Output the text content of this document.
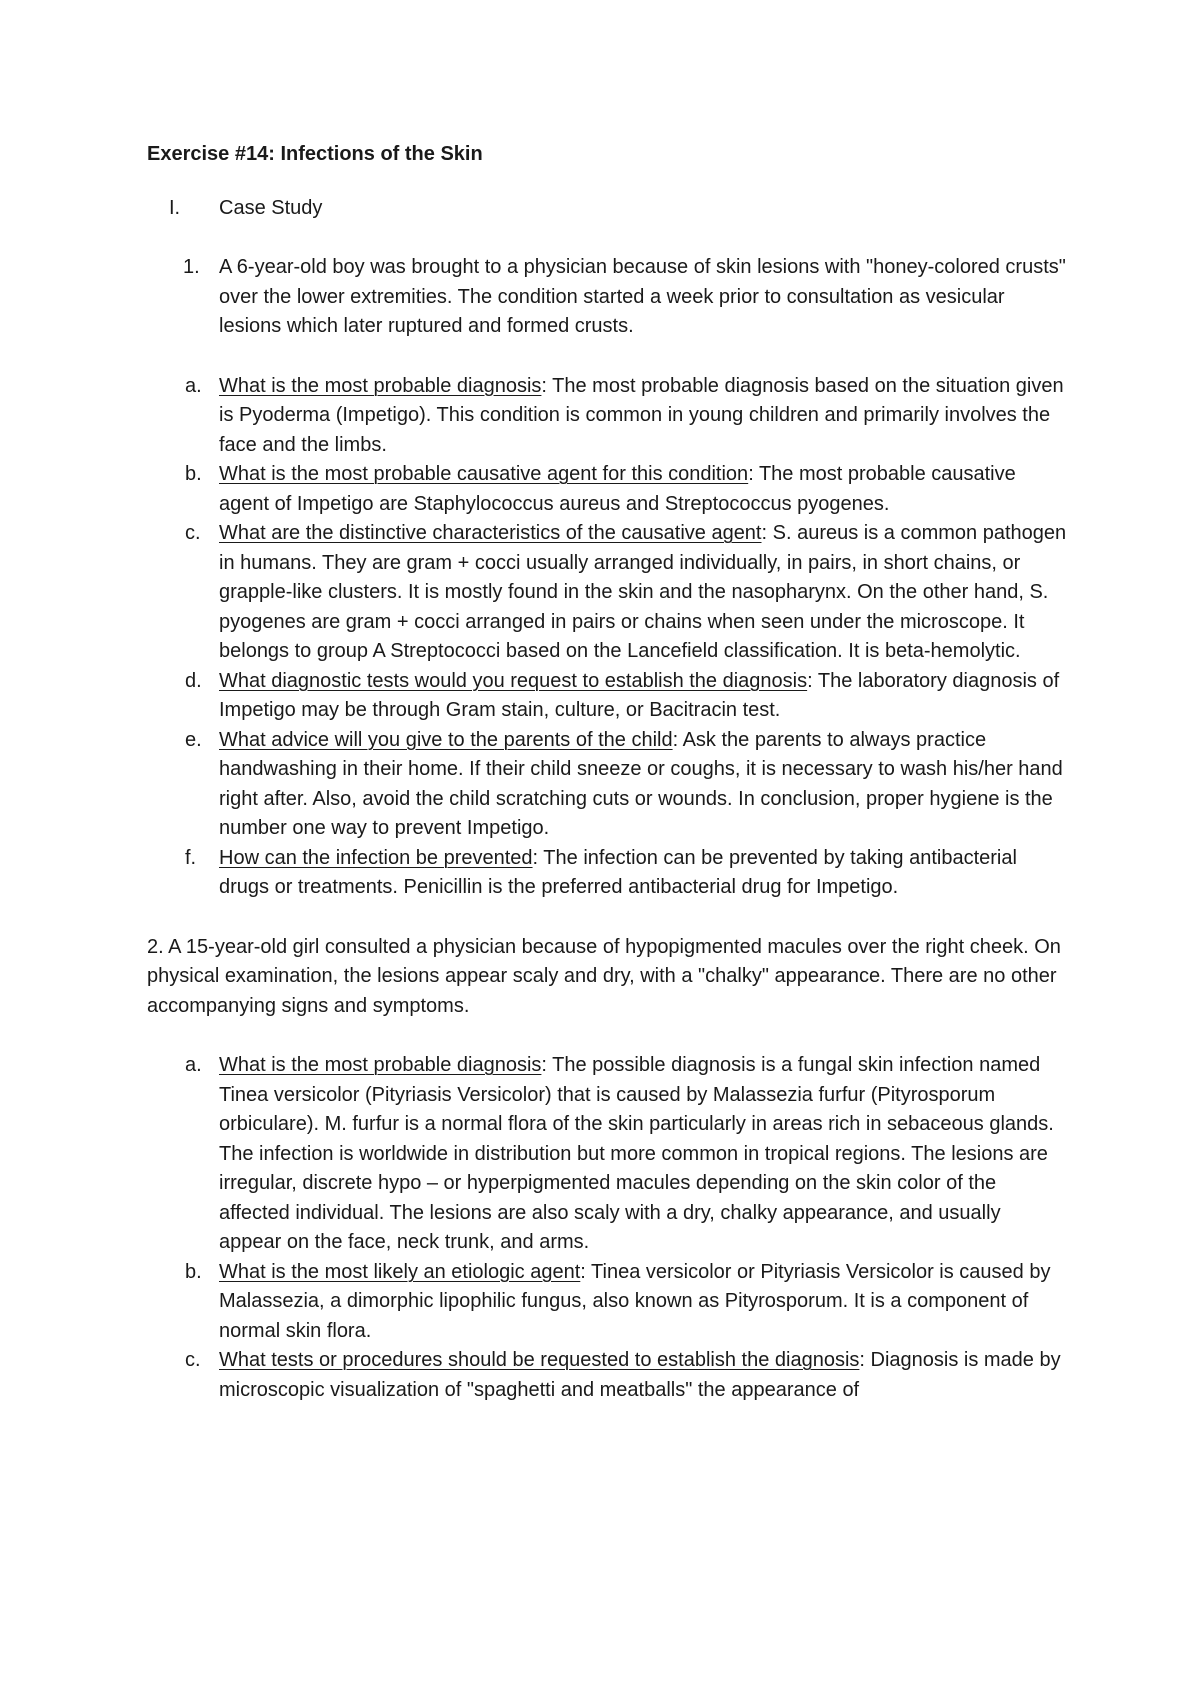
Exercise #14: Infections of the Skin
I. Case Study
1. A 6-year-old boy was brought to a physician because of skin lesions with "honey-colored crusts" over the lower extremities. The condition started a week prior to consultation as vesicular lesions which later ruptured and formed crusts.
a. What is the most probable diagnosis: The most probable diagnosis based on the situation given is Pyoderma (Impetigo). This condition is common in young children and primarily involves the face and the limbs.
b. What is the most probable causative agent for this condition: The most probable causative agent of Impetigo are Staphylococcus aureus and Streptococcus pyogenes.
c. What are the distinctive characteristics of the causative agent: S. aureus is a common pathogen in humans. They are gram + cocci usually arranged individually, in pairs, in short chains, or grapple-like clusters. It is mostly found in the skin and the nasopharynx. On the other hand, S. pyogenes are gram + cocci arranged in pairs or chains when seen under the microscope. It belongs to group A Streptococci based on the Lancefield classification. It is beta-hemolytic.
d. What diagnostic tests would you request to establish the diagnosis: The laboratory diagnosis of Impetigo may be through Gram stain, culture, or Bacitracin test.
e. What advice will you give to the parents of the child: Ask the parents to always practice handwashing in their home. If their child sneeze or coughs, it is necessary to wash his/her hand right after. Also, avoid the child scratching cuts or wounds. In conclusion, proper hygiene is the number one way to prevent Impetigo.
f. How can the infection be prevented: The infection can be prevented by taking antibacterial drugs or treatments. Penicillin is the preferred antibacterial drug for Impetigo.
2. A 15-year-old girl consulted a physician because of hypopigmented macules over the right cheek. On physical examination, the lesions appear scaly and dry, with a "chalky" appearance. There are no other accompanying signs and symptoms.
a. What is the most probable diagnosis: The possible diagnosis is a fungal skin infection named Tinea versicolor (Pityriasis Versicolor) that is caused by Malassezia furfur (Pityrosporum orbiculare). M. furfur is a normal flora of the skin particularly in areas rich in sebaceous glands. The infection is worldwide in distribution but more common in tropical regions. The lesions are irregular, discrete hypo – or hyperpigmented macules depending on the skin color of the affected individual. The lesions are also scaly with a dry, chalky appearance, and usually appear on the face, neck trunk, and arms.
b. What is the most likely an etiologic agent: Tinea versicolor or Pityriasis Versicolor is caused by Malassezia, a dimorphic lipophilic fungus, also known as Pityrosporum. It is a component of normal skin flora.
c. What tests or procedures should be requested to establish the diagnosis: Diagnosis is made by microscopic visualization of "spaghetti and meatballs" the appearance of
